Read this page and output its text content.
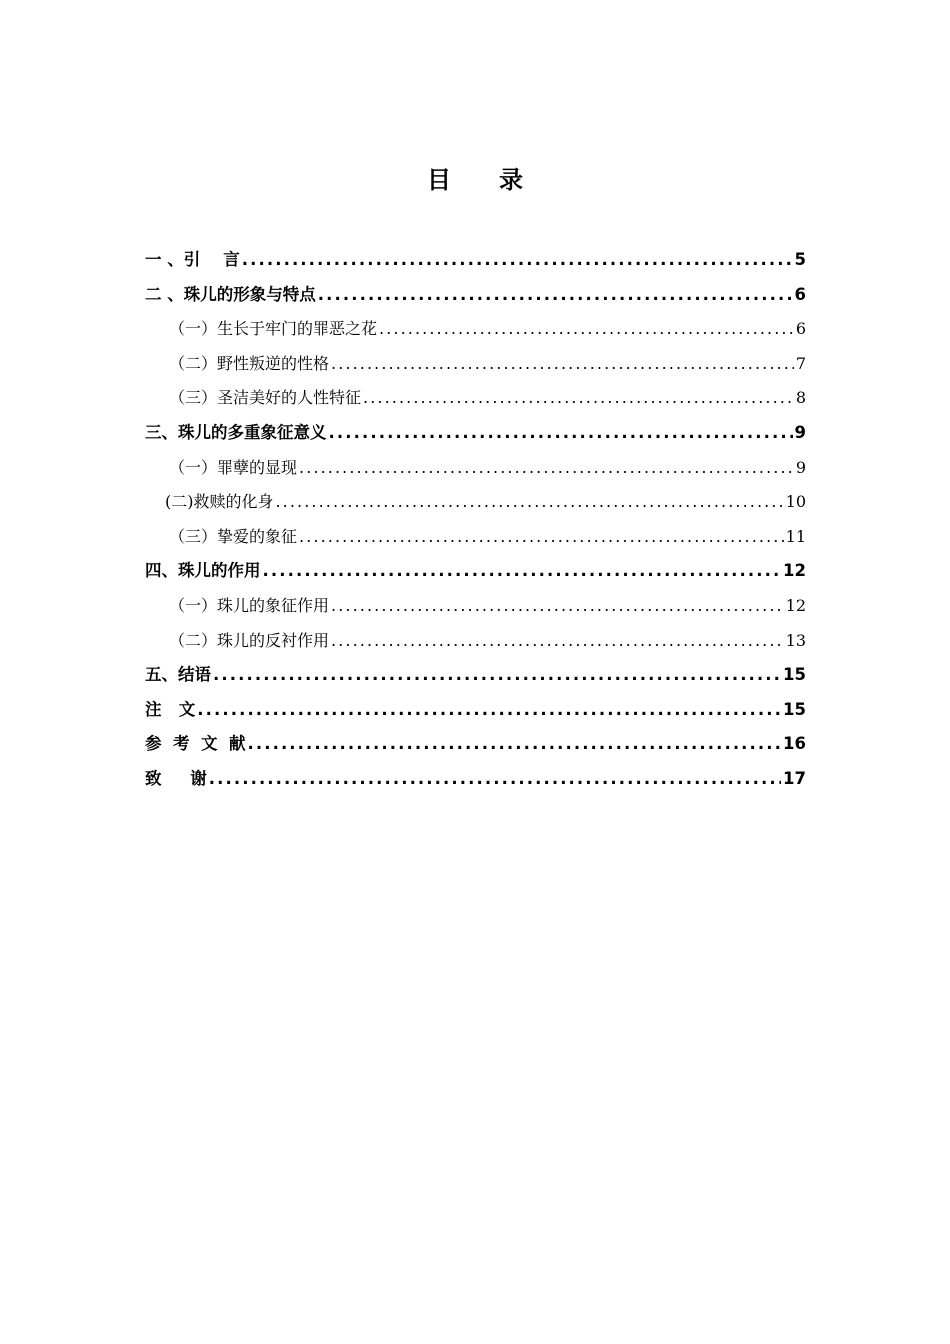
目 录
一 、引    言 .....	5
二 、珠儿的形象与特点 .....	6
（一）生长于牢门的罪恶之花 .....	6
（二）野性叛逆的性格 .....	7
（三）圣洁美好的人性特征 .....	8
三、珠儿的多重象征意义 .....	9
（一）罪孽的显现 .....	9
(二)救赎的化身 .....	10
（三）挚爱的象征 .....	11
四、珠儿的作用 .....	12
（一）珠儿的象征作用 .....	12
（二）珠儿的反衬作用 .....	13
五、结语 .....	15
注   文 .....	15
参  考  文  献 .....	16
致     谢 .....	17
